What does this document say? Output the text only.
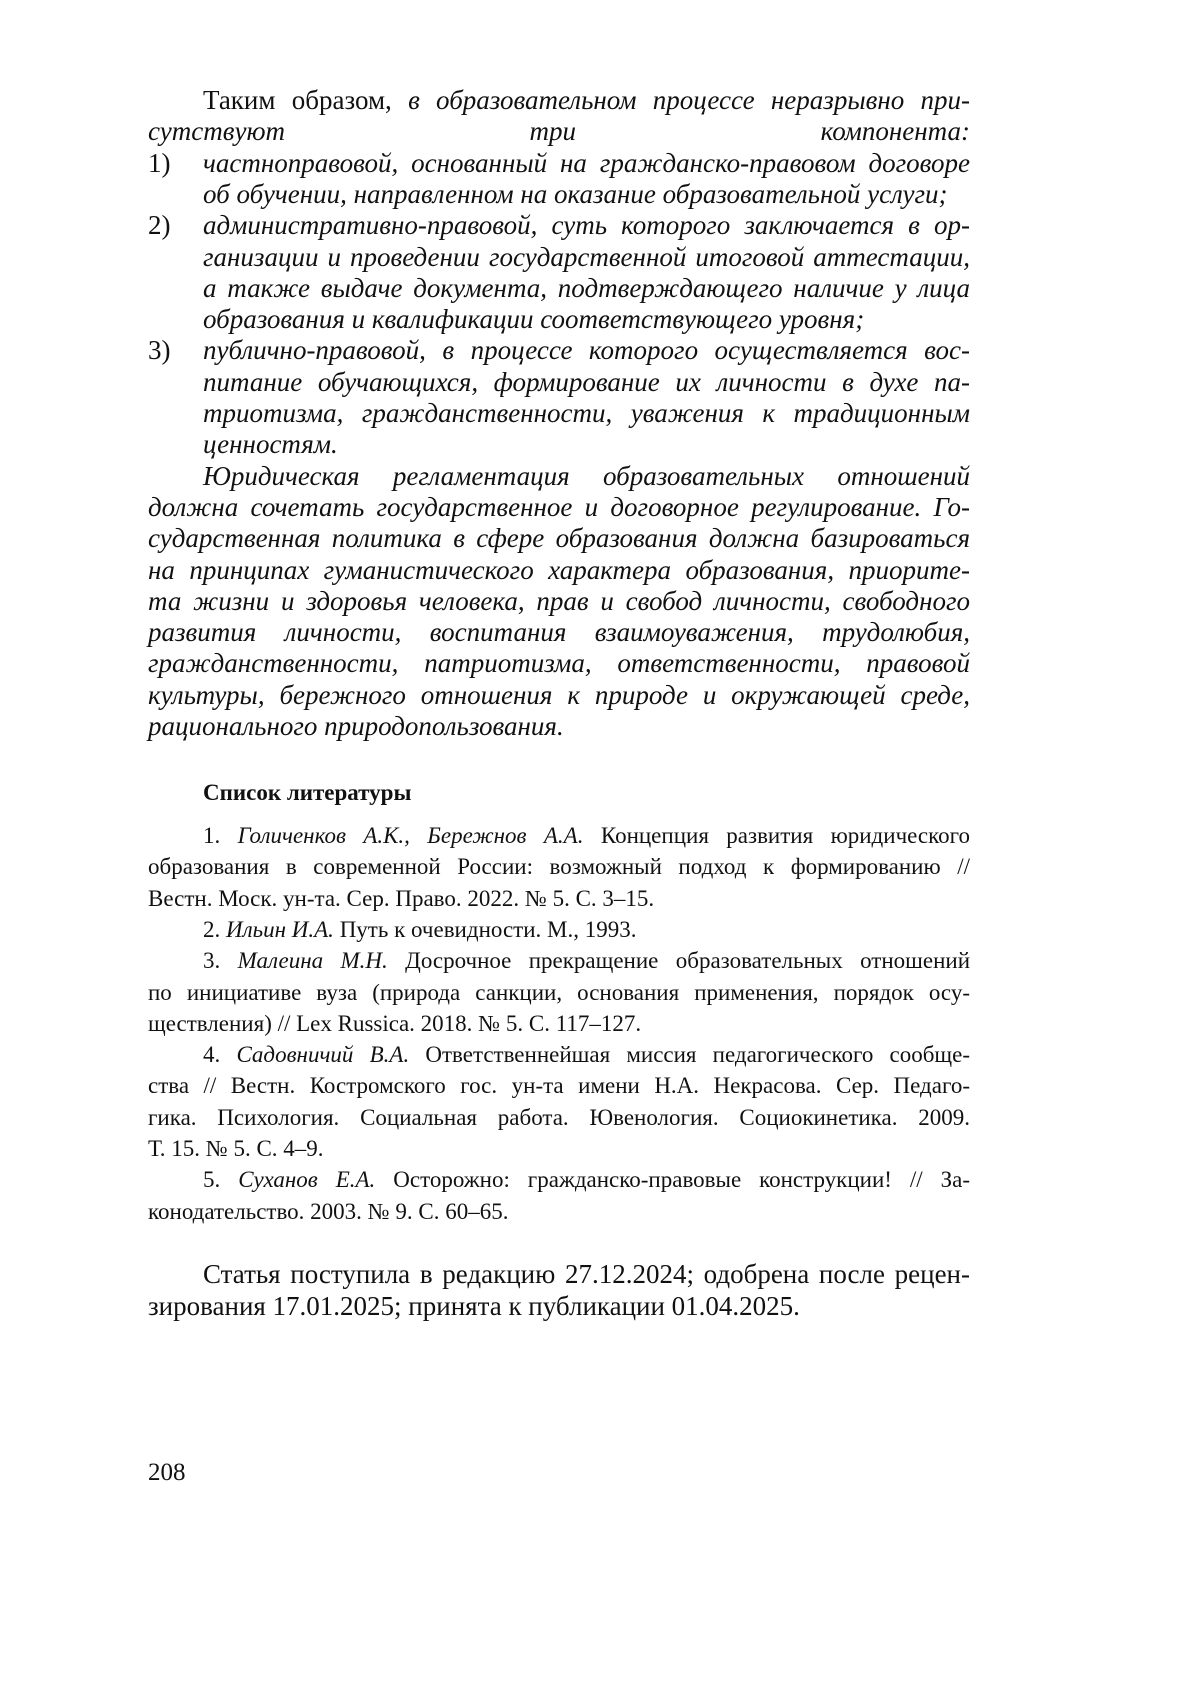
Таким образом, в образовательном процессе неразрывно при-
сутствуют три компонента:
1) частноправовой, основанный на гражданско-правовом договоре
об обучении, направленном на оказание образовательной услуги;
2) административно-правовой, суть которого заключается в ор-
ганизации и проведении государственной итоговой аттестации,
а также выдаче документа, подтверждающего наличие у лица
образования и квалификации соответствующего уровня;
3) публично-правовой, в процессе которого осуществляется вос-
питание обучающихся, формирование их личности в духе па-
триотизма, гражданственности, уважения к традиционным
ценностям.
Юридическая регламентация образовательных отношений
должна сочетать государственное и договорное регулирование. Го-
сударственная политика в сфере образования должна базироваться
на принципах гуманистического характера образования, приорите-
та жизни и здоровья человека, прав и свобод личности, свободного
развития личности, воспитания взаимоуважения, трудолюбия,
гражданственности, патриотизма, ответственности, правовой
культуры, бережного отношения к природе и окружающей среде,
рационального природопользования.
Список литературы
1. Голиченков А.К., Бережнов А.А. Концепция развития юридического
образования в современной России: возможный подход к формированию //
Вестн. Моск. ун-та. Сер. Право. 2022. № 5. С. 3–15.
2. Ильин И.А. Путь к очевидности. М., 1993.
3. Малеина М.Н. Досрочное прекращение образовательных отношений
по инициативе вуза (природа санкции, основания применения, порядок осу-
ществления) // Lex Russica. 2018. № 5. С. 117–127.
4. Садовничий В.А. Ответственнейшая миссия педагогического сообще-
ства // Вестн. Костромского гос. ун-та имени Н.А. Некрасова. Сер. Педаго-
гика. Психология. Социальная работа. Ювенология. Социокинетика. 2009.
Т. 15. № 5. С. 4–9.
5. Суханов Е.А. Осторожно: гражданско-правовые конструкции! // За-
конодательство. 2003. № 9. С. 60–65.
Статья поступила в редакцию 27.12.2024; одобрена после рецен-
зирования 17.01.2025; принята к публикации 01.04.2025.
208
